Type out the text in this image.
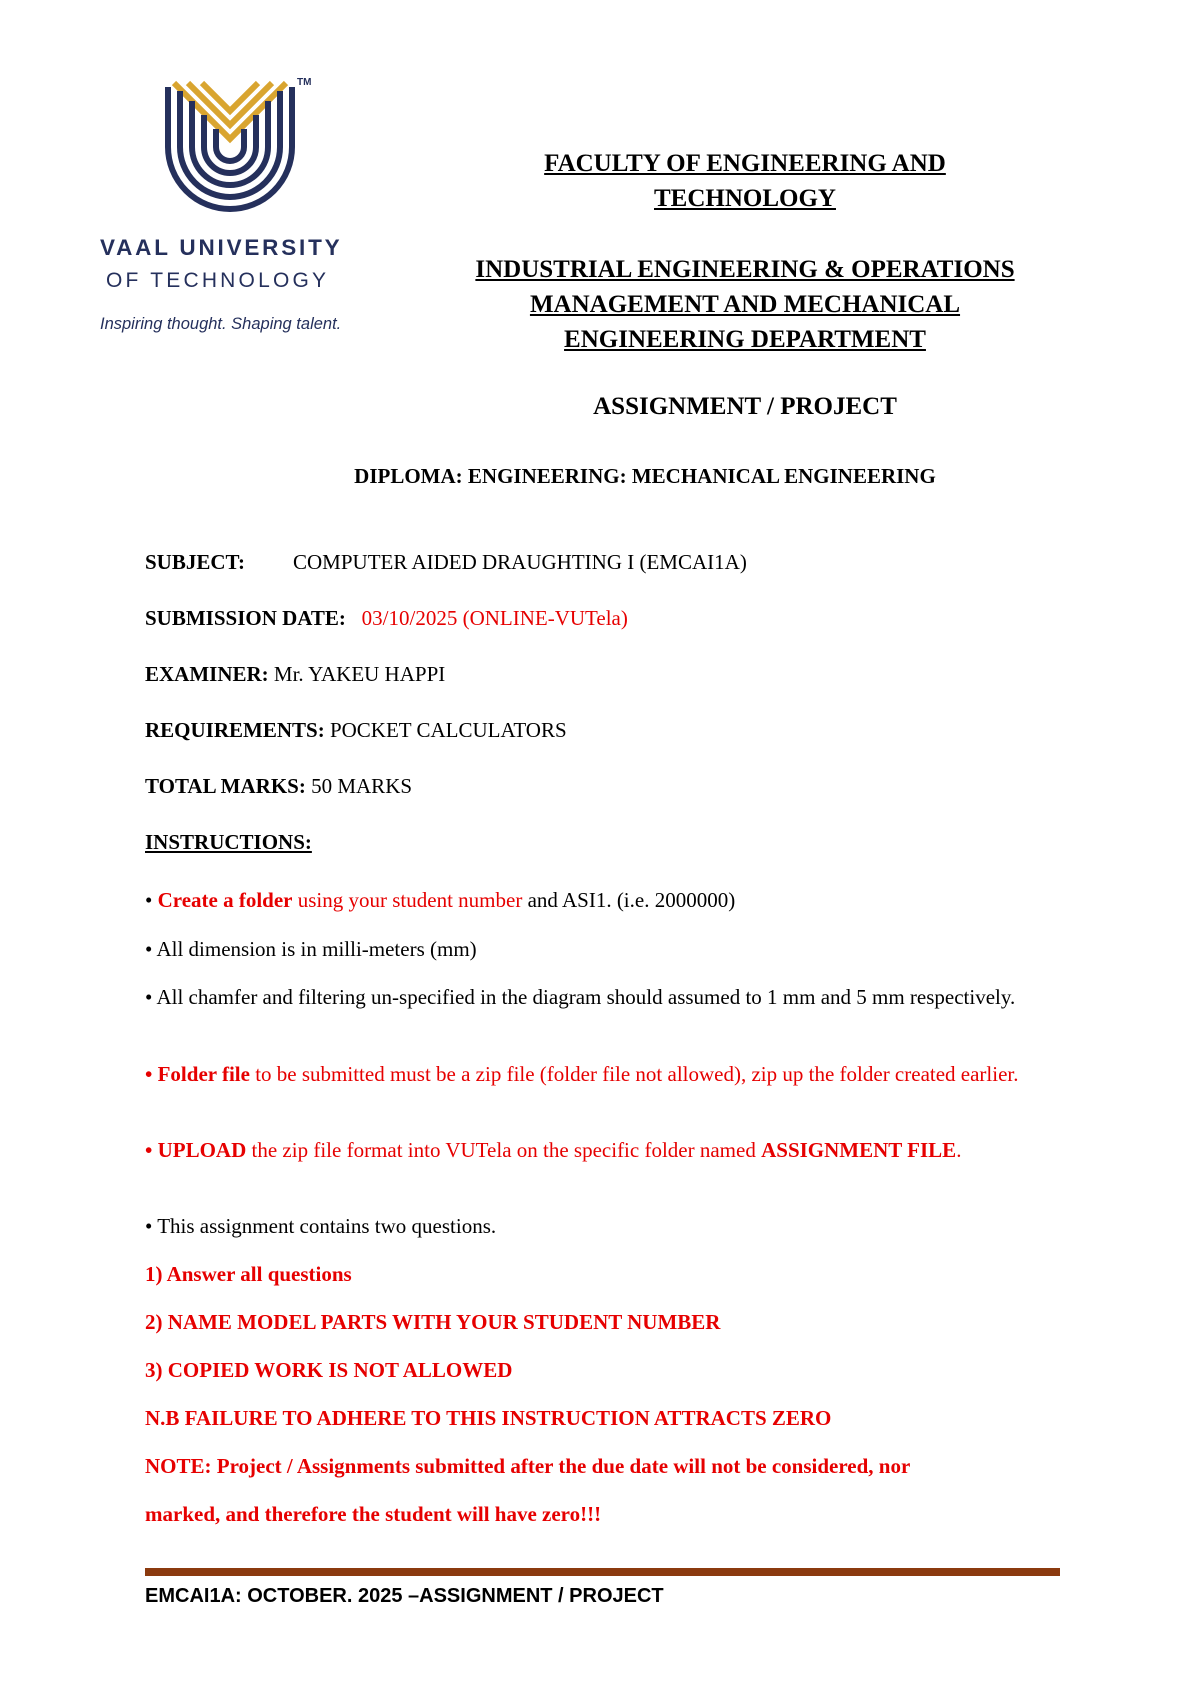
TM
VAAL UNIVERSITY
OF TECHNOLOGY
Inspiring thought. Shaping talent.
FACULTY OF ENGINEERING AND
TECHNOLOGY
INDUSTRIAL ENGINEERING & OPERATIONS
MANAGEMENT AND MECHANICAL
ENGINEERING DEPARTMENT
ASSIGNMENT / PROJECT
DIPLOMA: ENGINEERING: MECHANICAL ENGINEERING
SUBJECT: COMPUTER AIDED DRAUGHTING I (EMCAI1A)
SUBMISSION DATE: 03/10/2025 (ONLINE-VUTela)
EXAMINER: Mr. YAKEU HAPPI
REQUIREMENTS: POCKET CALCULATORS
TOTAL MARKS: 50 MARKS
INSTRUCTIONS:
• Create a folder using your student number and ASI1. (i.e. 2000000)
• All dimension is in milli-meters (mm)
• All chamfer and filtering un-specified in the diagram should assumed to 1 mm and 5 mm respectively.
• Folder file to be submitted must be a zip file (folder file not allowed), zip up the folder created earlier.
• UPLOAD the zip file format into VUTela on the specific folder named ASSIGNMENT FILE.
• This assignment contains two questions.
1) Answer all questions
2) NAME MODEL PARTS WITH YOUR STUDENT NUMBER
3) COPIED WORK IS NOT ALLOWED
N.B FAILURE TO ADHERE TO THIS INSTRUCTION ATTRACTS ZERO
NOTE: Project / Assignments submitted after the due date will not be considered, nor
marked, and therefore the student will have zero!!!
EMCAI1A: OCTOBER. 2025 –ASSIGNMENT / PROJECT
